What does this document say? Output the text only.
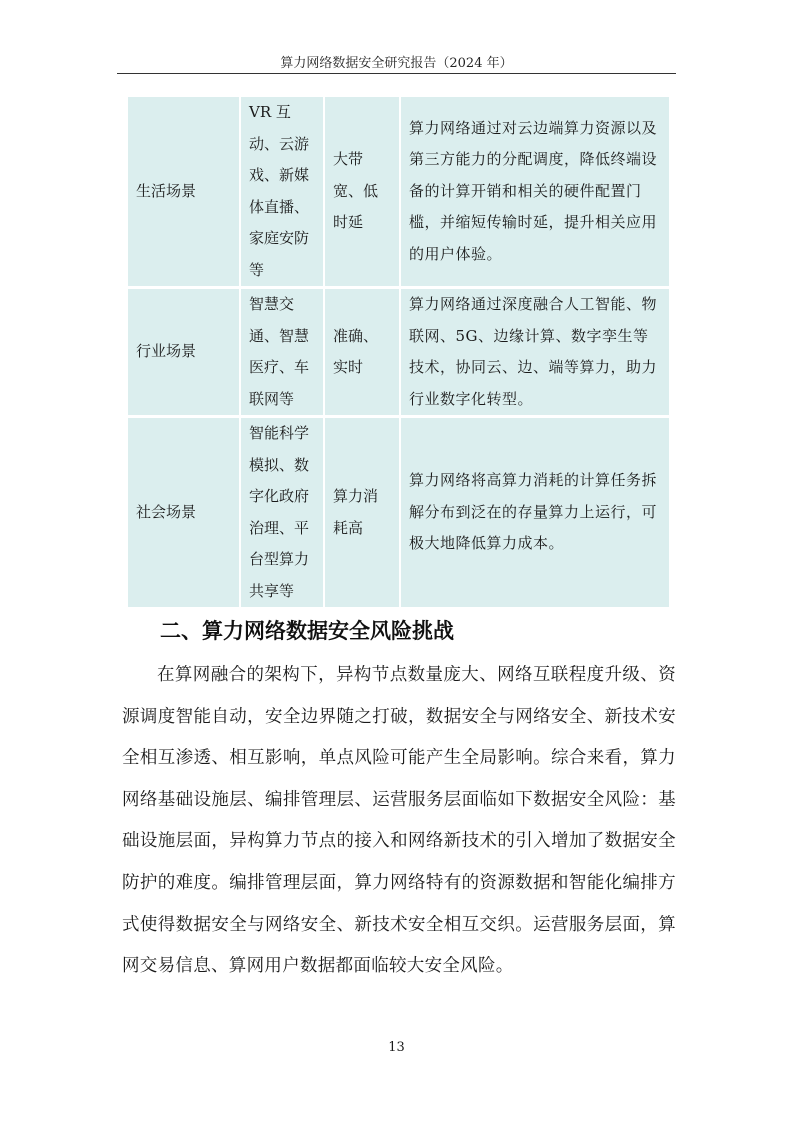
算力网络数据安全研究报告（2024 年）
生活场景	VR 互动、云游戏、新媒体直播、家庭安防等	大带宽、低时延	算力网络通过对云边端算力资源以及第三方能力的分配调度，降低终端设备的计算开销和相关的硬件配置门槛，并缩短传输时延，提升相关应用的用户体验。
行业场景	智慧交通、智慧医疗、车联网等	准确、实时	算力网络通过深度融合人工智能、物联网、5G、边缘计算、数字孪生等技术，协同云、边、端等算力，助力行业数字化转型。
社会场景	智能科学模拟、数字化政府治理、平台型算力共享等	算力消耗高	算力网络将高算力消耗的计算任务拆解分布到泛在的存量算力上运行，可极大地降低算力成本。
二、算力网络数据安全风险挑战

在算网融合的架构下，异构节点数量庞大、网络互联程度升级、资源调度智能自动，安全边界随之打破，数据安全与网络安全、新技术安全相互渗透、相互影响，单点风险可能产生全局影响。综合来看，算力网络基础设施层、编排管理层、运营服务层面临如下数据安全风险：基础设施层面，异构算力节点的接入和网络新技术的引入增加了数据安全防护的难度。编排管理层面，算力网络特有的资源数据和智能化编排方式使得数据安全与网络安全、新技术安全相互交织。运营服务层面，算网交易信息、算网用户数据都面临较大安全风险。

13
